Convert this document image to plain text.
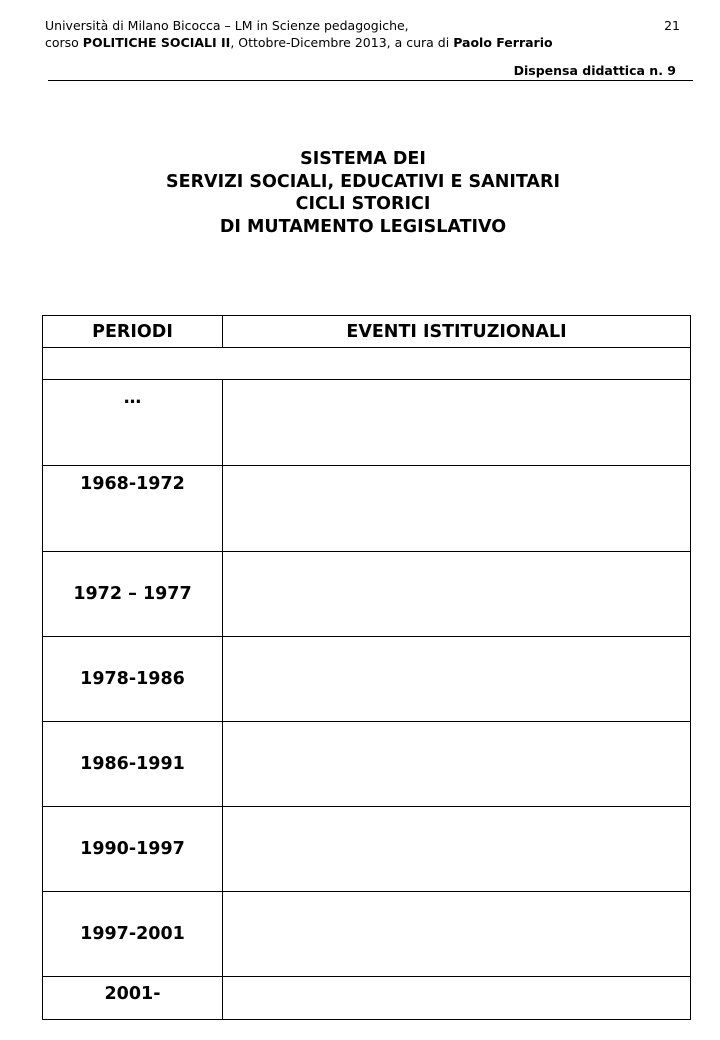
Università di Milano Bicocca – LM in Scienze pedagogiche,
corso POLITICHE SOCIALI II, Ottobre-Dicembre 2013, a cura di Paolo Ferrario
21
Dispensa didattica n. 9
SISTEMA DEI
SERVIZI SOCIALI, EDUCATIVI E SANITARI
CICLI STORICI
DI MUTAMENTO LEGISLATIVO
PERIODI	EVENTI ISTITUZIONALI

…	
1968-1972	
1972 – 1977	
1978-1986	
1986-1991	
1990-1997	
1997-2001	
2001-	
